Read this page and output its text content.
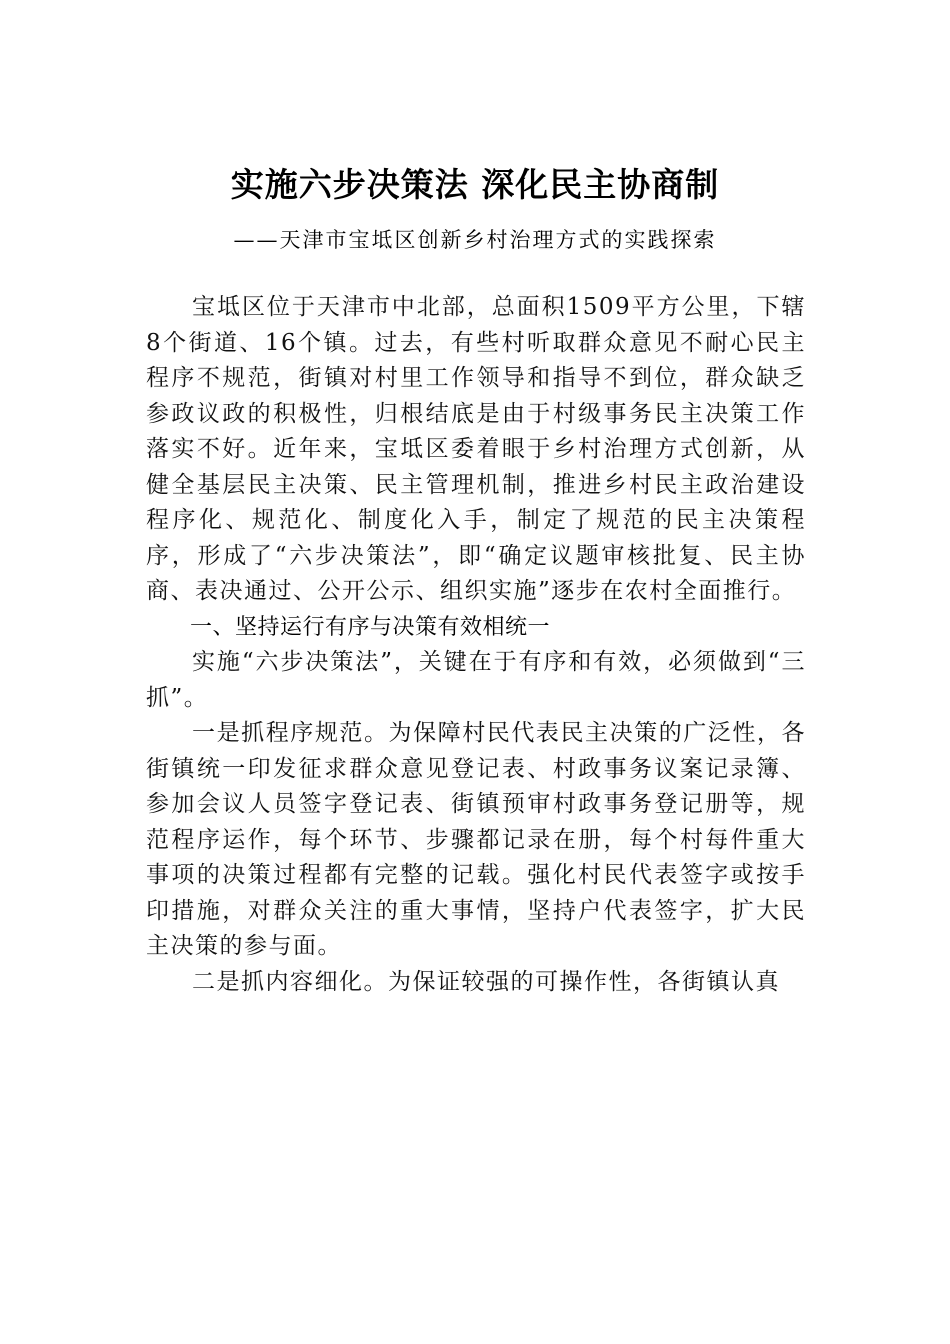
实施六步决策法 深化民主协商制
——天津市宝坻区创新乡村治理方式的实践探索

宝坻区位于天津市中北部，总面积1509平方公里，下辖8个街道、16个镇。过去，有些村听取群众意见不耐心民主程序不规范，街镇对村里工作领导和指导不到位，群众缺乏参政议政的积极性，归根结底是由于村级事务民主决策工作落实不好。近年来，宝坻区委着眼于乡村治理方式创新，从健全基层民主决策、民主管理机制，推进乡村民主政治建设程序化、规范化、制度化入手，制定了规范的民主决策程序，形成了“六步决策法”，即“确定议题审核批复、民主协商、表决通过、公开公示、组织实施”逐步在农村全面推行。

一、坚持运行有序与决策有效相统一

实施“六步决策法”，关键在于有序和有效，必须做到“三抓”。

一是抓程序规范。为保障村民代表民主决策的广泛性，各街镇统一印发征求群众意见登记表、村政事务议案记录簿、参加会议人员签字登记表、街镇预审村政事务登记册等，规范程序运作，每个环节、步骤都记录在册，每个村每件重大事项的决策过程都有完整的记载。强化村民代表签字或按手印措施，对群众关注的重大事情，坚持户代表签字，扩大民主决策的参与面。

二是抓内容细化。为保证较强的可操作性，各街镇认真
